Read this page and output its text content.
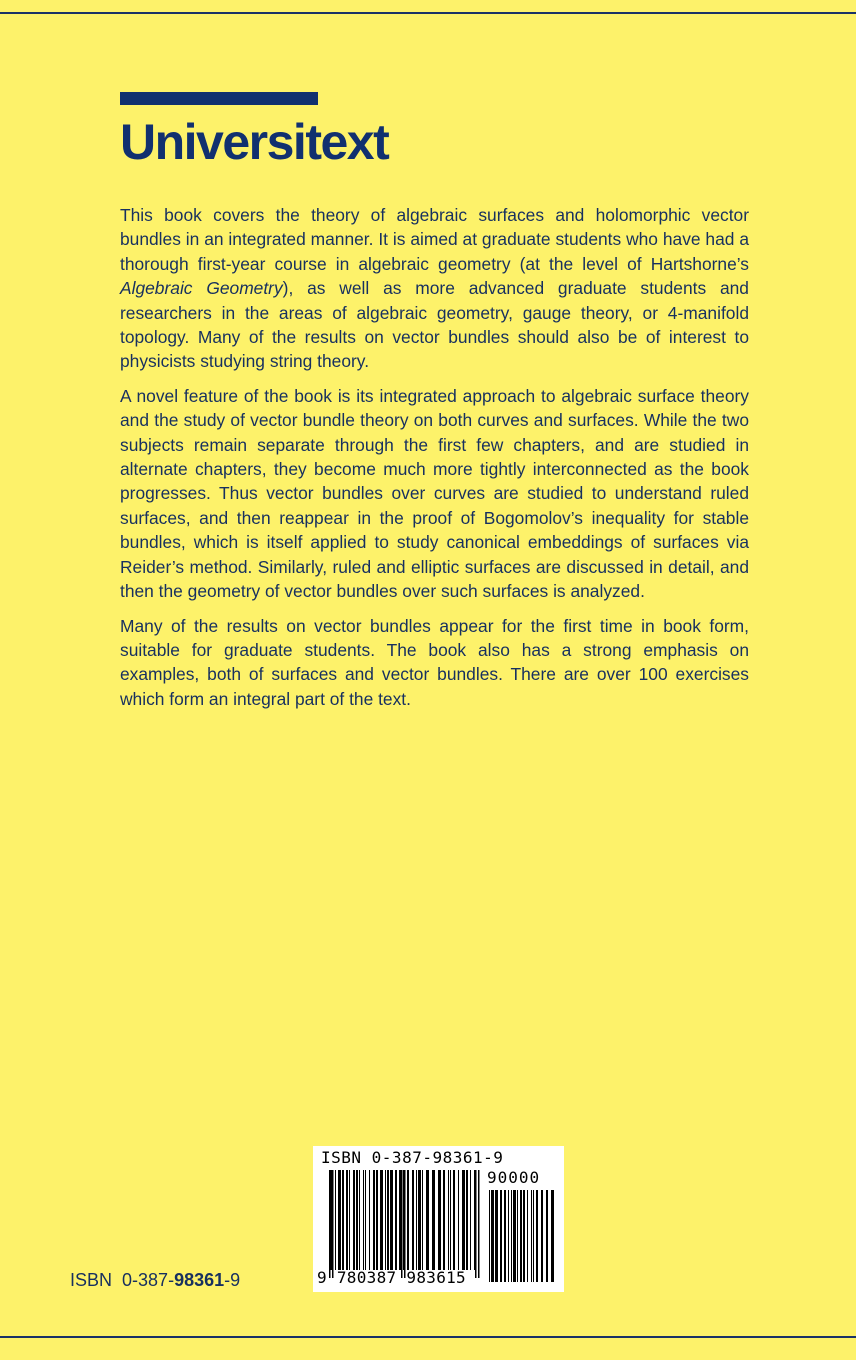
Universitext

This book covers the theory of algebraic surfaces and holomorphic vector bundles in an integrated manner. It is aimed at graduate students who have had a thorough first-year course in algebraic geometry (at the level of Hartshorne’s Algebraic Geometry), as well as more advanced graduate students and researchers in the areas of algebraic geometry, gauge theory, or 4-manifold topology. Many of the results on vector bundles should also be of interest to physicists studying string theory.

A novel feature of the book is its integrated approach to algebraic surface theory and the study of vector bundle theory on both curves and surfaces. While the two subjects remain separate through the first few chapters, and are studied in alternate chapters, they become much more tightly interconnected as the book progresses. Thus vector bundles over curves are studied to understand ruled surfaces, and then reappear in the proof of Bogomolov’s inequality for stable bundles, which is itself applied to study canonical embeddings of surfaces via Reider’s method. Similarly, ruled and elliptic surfaces are discussed in detail, and then the geometry of vector bundles over such surfaces is analyzed.

Many of the results on vector bundles appear for the first time in book form, suitable for graduate students. The book also has a strong emphasis on examples, both of surfaces and vector bundles. There are over 100 exercises which form an integral part of the text.

ISBN 0-387-98361-9
90000
9 780387 983615
ISBN 0-387-98361-9
